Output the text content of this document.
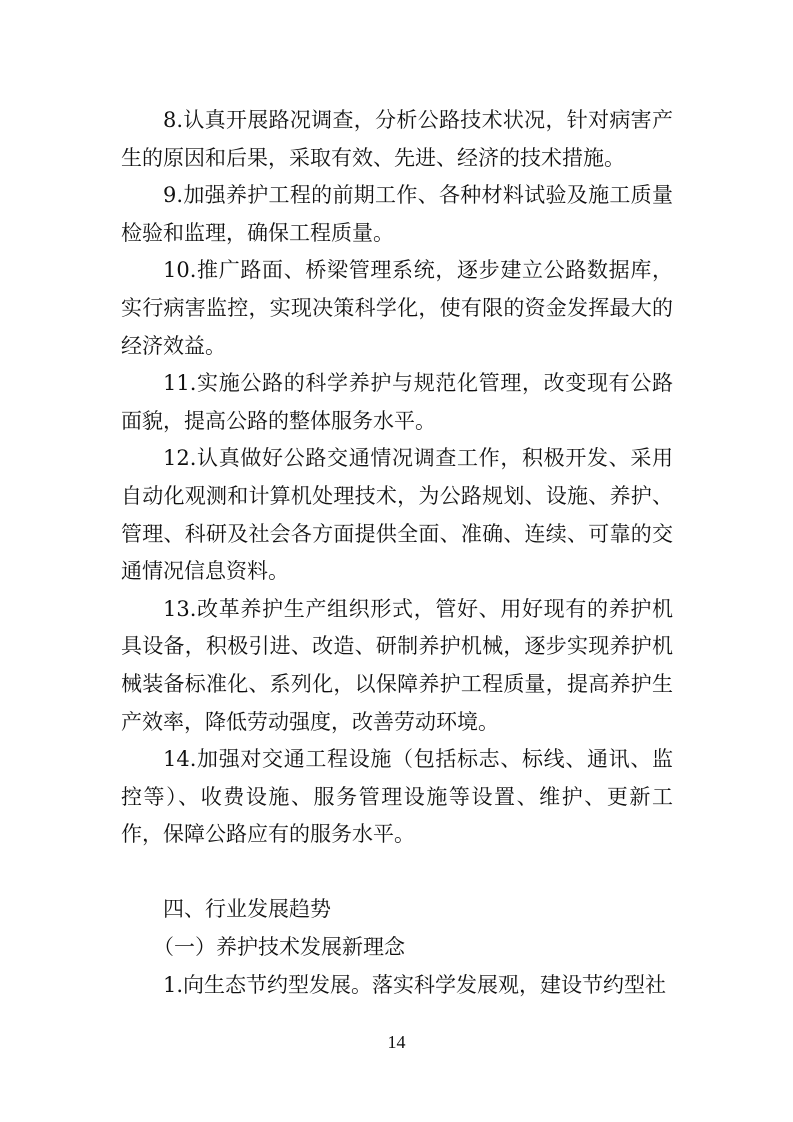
8.认真开展路况调查，分析公路技术状况，针对病害产生的原因和后果，采取有效、先进、经济的技术措施。

9.加强养护工程的前期工作、各种材料试验及施工质量检验和监理，确保工程质量。

10.推广路面、桥梁管理系统，逐步建立公路数据库，实行病害监控，实现决策科学化，使有限的资金发挥最大的经济效益。

11.实施公路的科学养护与规范化管理，改变现有公路面貌，提高公路的整体服务水平。

12.认真做好公路交通情况调查工作，积极开发、采用自动化观测和计算机处理技术，为公路规划、设施、养护、管理、科研及社会各方面提供全面、准确、连续、可靠的交通情况信息资料。

13.改革养护生产组织形式，管好、用好现有的养护机具设备，积极引进、改造、研制养护机械，逐步实现养护机械装备标准化、系列化，以保障养护工程质量，提高养护生产效率，降低劳动强度，改善劳动环境。

14.加强对交通工程设施（包括标志、标线、通讯、监控等）、收费设施、服务管理设施等设置、维护、更新工作，保障公路应有的服务水平。

四、行业发展趋势

（一）养护技术发展新理念

1.向生态节约型发展。落实科学发展观，建设节约型社

14
